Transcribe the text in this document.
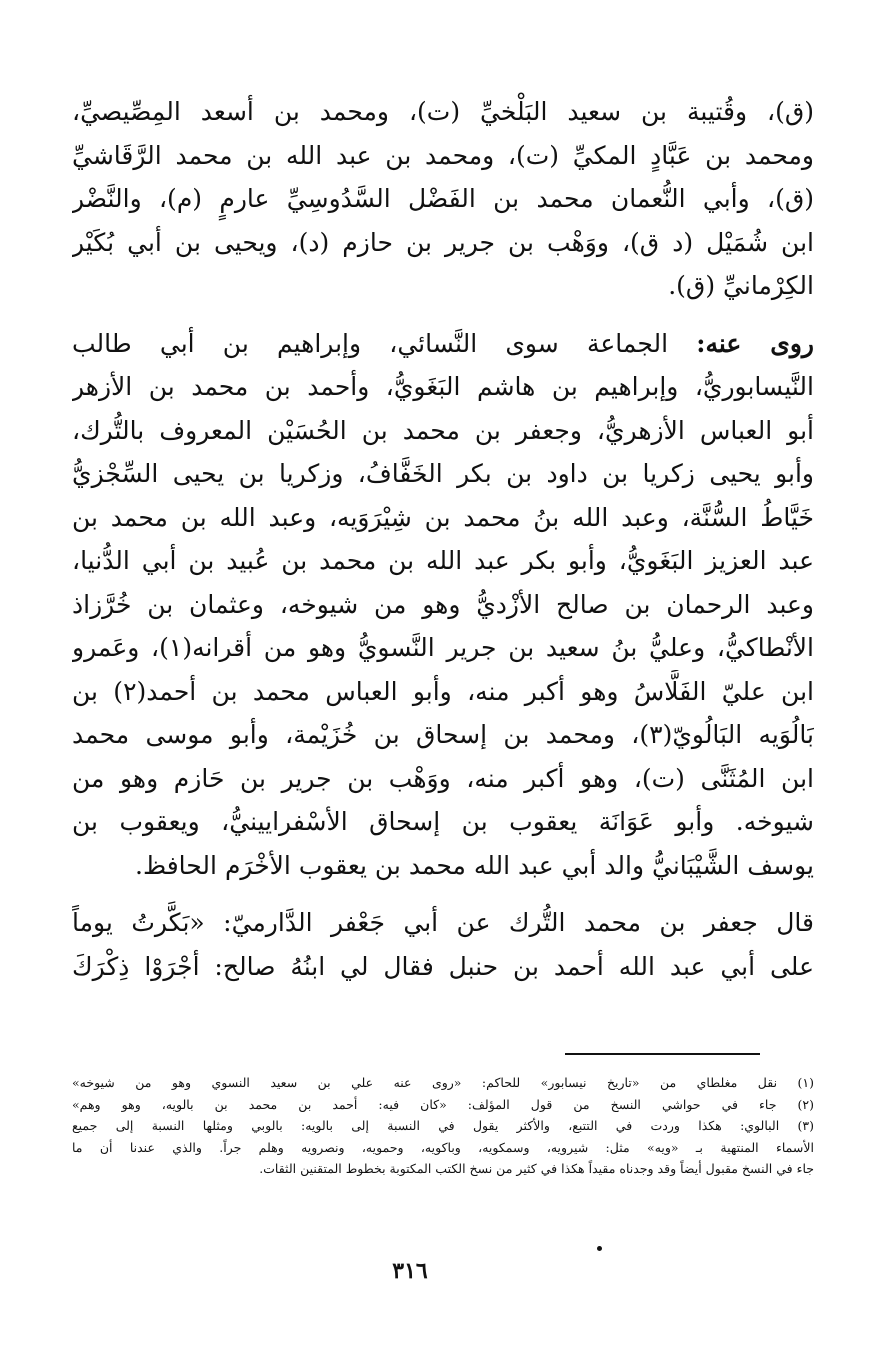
(ق)، وقُتيبة بن سعيد البَلْخيِّ (ت)، ومحمد بن أسعد المِصِّيصيِّ،
ومحمد بن عَبَّادٍ المكيِّ (ت)، ومحمد بن عبد الله بن محمد الرَّقَاشيِّ
(ق)، وأبي النُّعمان محمد بن الفَضْل السَّدُوسِيِّ عارمٍ (م)، والنَّضْر
ابن شُمَيْل (د ق)، ووَهْب بن جرير بن حازم (د)، ويحيى بن أبي بُكَيْر
الكِرْمانيِّ (ق).
روى عنه: الجماعة سوى النَّسائي، وإبراهيم بن أبي طالب
النَّيسابوريُّ، وإبراهيم بن هاشم البَغَويُّ، وأحمد بن محمد بن الأزهر
أبو العباس الأزهريُّ، وجعفر بن محمد بن الحُسَيْن المعروف بالتُّرك،
وأبو يحيى زكريا بن داود بن بكر الخَفَّافُ، وزكريا بن يحيى السِّجْزيُّ
خَيَّاطُ السُّنَّة، وعبد الله بنُ محمد بن شِيْرَوَيه، وعبد الله بن محمد بن
عبد العزيز البَغَويُّ، وأبو بكر عبد الله بن محمد بن عُبيد بن أبي الدُّنيا،
وعبد الرحمان بن صالح الأزْديُّ وهو من شيوخه، وعثمان بن خُرَّزاذ
الأنْطاكيُّ، وعليُّ بنُ سعيد بن جرير النَّسويُّ وهو من أقرانه(١)، وعَمرو
ابن عليّ الفَلَّاسُ وهو أكبر منه، وأبو العباس محمد بن أحمد(٢) بن
بَالُوَيه البَالُويّ(٣)، ومحمد بن إسحاق بن خُزَيْمة، وأبو موسى محمد
ابن المُثَنَّى (ت)، وهو أكبر منه، ووَهْب بن جرير بن حَازم وهو من
شيوخه. وأبو عَوَانَة يعقوب بن إسحاق الأسْفرايينيُّ، ويعقوب بن
يوسف الشَّيْبَانيُّ والد أبي عبد الله محمد بن يعقوب الأخْرَم الحافظ.
قال جعفر بن محمد التُّرك عن أبي جَعْفر الدَّارميّ: «بَكَّرتُ يوماً
على أبي عبد الله أحمد بن حنبل فقال لي ابنُهُ صالح: أجْرَوْا ذِكْرَكَ
(١) نقل مغلطاي من «تاريخ نيسابور» للحاكم: «روى عنه علي بن سعيد النسوي وهو من شيوخه»
(٢) جاء في حواشي النسخ من قول المؤلف: «كان فيه: أحمد بن محمد بن بالويه، وهو وهم»
(٣) البالوي: هكذا وردت في التتبع، والأكثر يقول في النسبة إلى بالويه: بالوبي ومثلها النسبة إلى جميع
الأسماء المنتهية بـ «ويه» مثل: شيرويه، وسمكويه، وباكويه، وحمويه، ونصرويه وهلم جراً. والذي عندنا أن ما
جاء في النسخ مقبول أيضاً وقد وجدناه مقيداً هكذا في كثير من نسخ الكتب المكتوبة بخطوط المتقنين الثقات.
٣١٦
